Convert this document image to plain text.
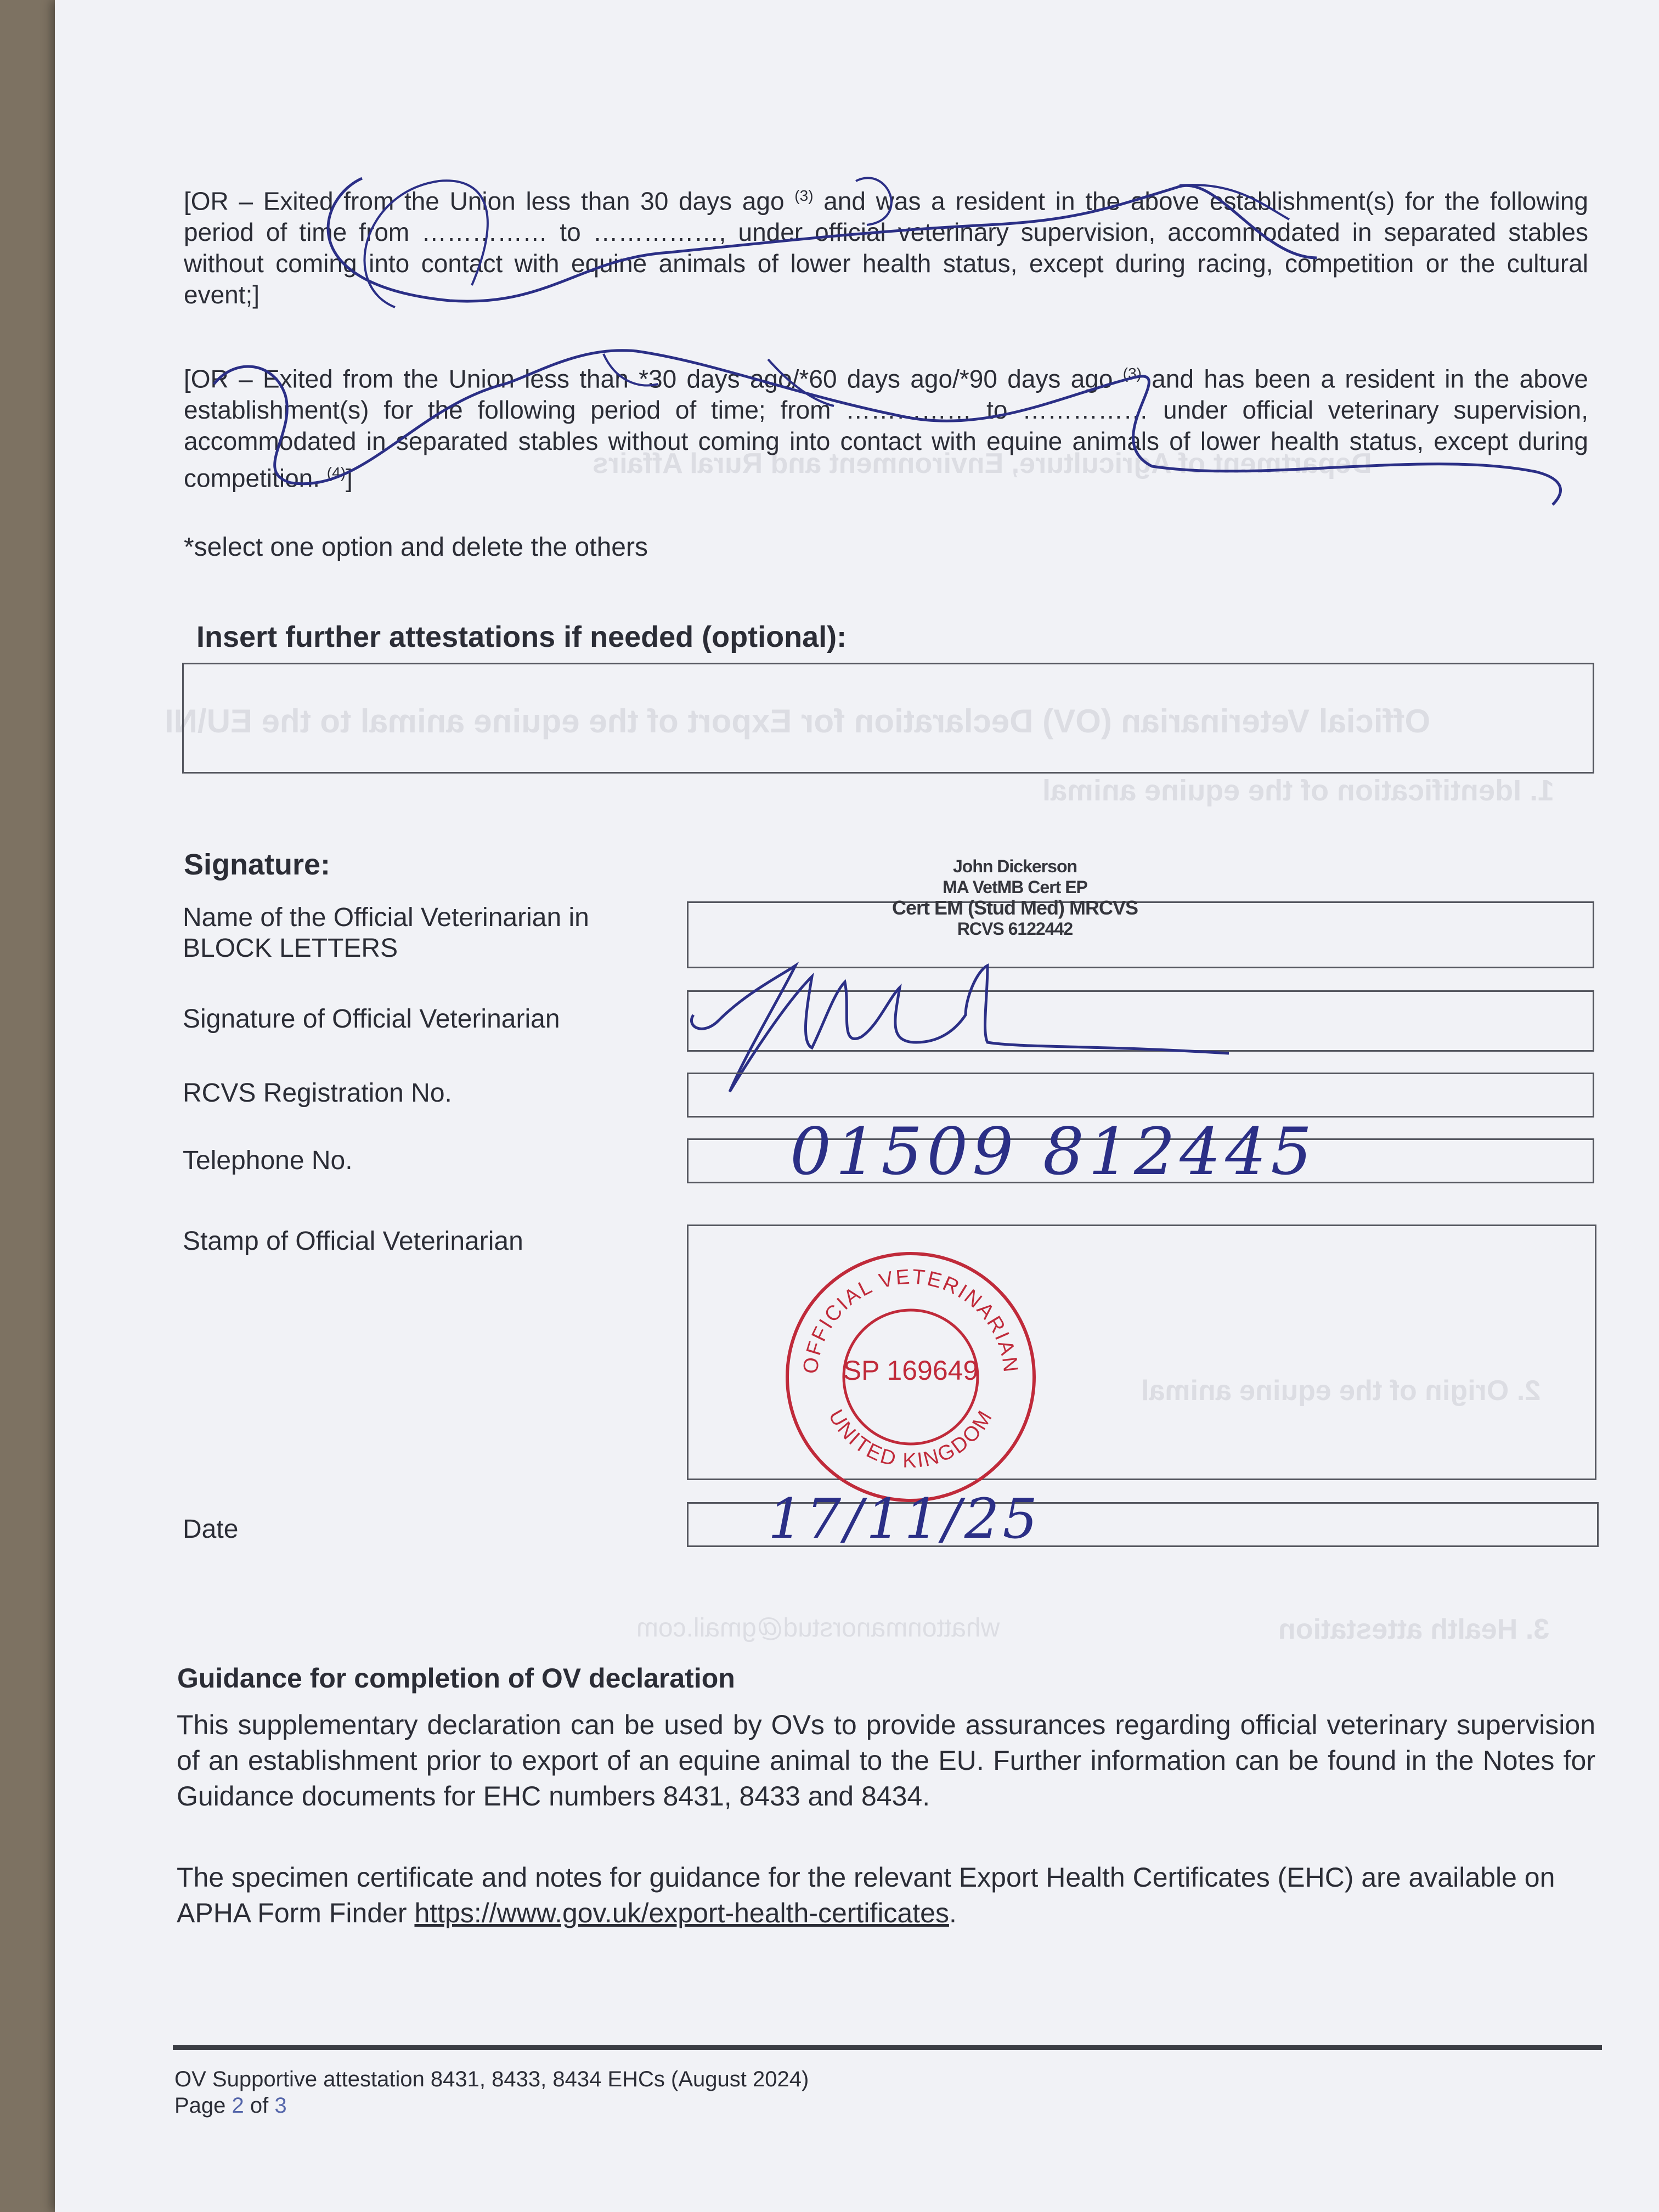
Official Veterinarian (OV) Declaration for Export of the equine animal to the EU\NI
1. Identification of the equine animal
Department of Agriculture, Environment and Rural Affairs
whattonmanorstud@gmail.com
2. Origin of the equine animal
3. Health attestation
[OR – Exited from the Union less than 30 days ago $^{(3)}$ and was a resident in the above establishment(s) for the following period of time from …………… to ……………, under official veterinary supervision, accommodated in separated stables without coming into contact with equine animals of lower health status, except during racing, competition or the cultural event;]
[OR – Exited from the Union less than *30 days ago/*60 days ago/*90 days ago $^{(3)}$ and has been a resident in the above establishment(s) for the following period of time; from …………… to …………… under official veterinary supervision, accommodated in separated stables without coming into contact with equine animals of lower health status, except during competition. $^{(4)}$]
*select one option and delete the others
Insert further attestations if needed (optional):
Signature:
Name of the Official Veterinarian in
BLOCK LETTERS
John Dickerson
MA VetMB Cert EP
Cert EM (Stud Med) MRCVS
RCVS 6122442
Signature of Official Veterinarian
RCVS Registration No.
Telephone No.	01509 812445
Stamp of Official Veterinarian
OFFICIAL VETERINARIAN
UNITED KINGDOM
SP 169649
Date	17/11/25
Guidance for completion of OV declaration
This supplementary declaration can be used by OVs to provide assurances regarding official veterinary supervision of an establishment prior to export of an equine animal to the EU. Further information can be found in the Notes for Guidance documents for EHC numbers 8431, 8433 and 8434.
The specimen certificate and notes for guidance for the relevant Export Health Certificates (EHC) are available on APHA Form Finder https://www.gov.uk/export-health-certificates.
OV Supportive attestation 8431, 8433, 8434 EHCs (August 2024)
Page 2 of 3
